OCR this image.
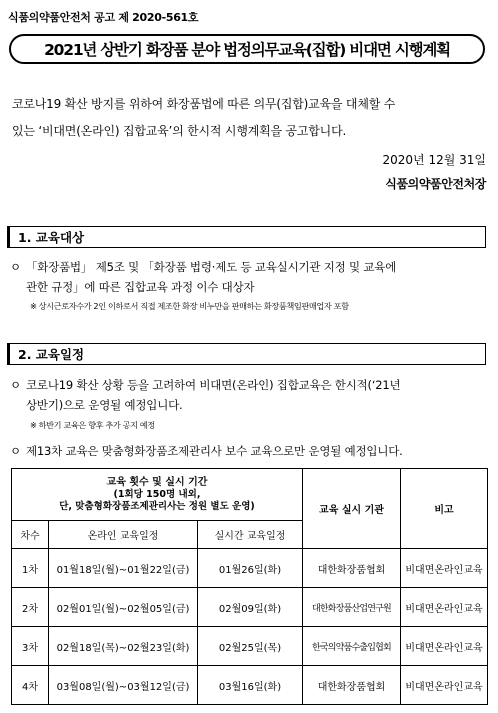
식품의약품안전처 공고 제 2020-561호
2021년 상반기 화장품 분야 법정의무교육(집합) 비대면 시행계획

코로나19 확산 방지를 위하여 화장품법에 따른 의무(집합)교육을 대체할 수

있는 ‘비대면(온라인) 집합교육’의 한시적 시행계획을 공고합니다.

2020년 12월 31일
식품의약품안전처장
1. 교육대상
ㅇ 「화장품법」 제5조 및 「화장품 법령·제도 등 교육실시기관 지정 및 교육에
관한 규정」에 따른 집합교육 과정 이수 대상자
※ 상시근로자수가 2인 이하로서 직접 제조한 화장 비누만을 판매하는 화장품책임판매업자 포함
2. 교육일정
ㅇ 코로나19 확산 상황 등을 고려하여 비대면(온라인) 집합교육은 한시적(‘21년
상반기)으로 운영될 예정입니다.
※ 하반기 교육은 향후 추가 공지 예정
ㅇ 제13차 교육은 맞춤형화장품조제관리사 보수 교육으로만 운영될 예정입니다.
교육 횟수 및 실시 기간
(1회당 150명 내외,
단, 맞춤형화장품조제관리사는 정원 별도 운영)			교육 실시 기관	비고
차수	온라인 교육일정	실시간 교육일정		
1차	01월18일(월)~01월22일(금)	01월26일(화)	대한화장품협회	비대면온라인교육
2차	02월01일(월)~02월05일(금)	02월09일(화)	대한화장품산업연구원	비대면온라인교육
3차	02월18일(목)~02월23일(화)	02월25일(목)	한국의약품수출입협회	비대면온라인교육
4차	03월08일(월)~03월12일(금)	03월16일(화)	대한화장품협회	비대면온라인교육
